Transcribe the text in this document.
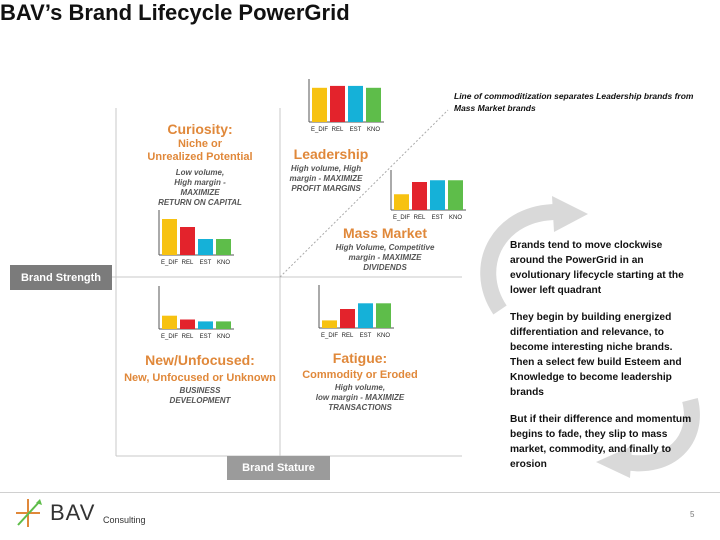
BAV’s Brand Lifecycle PowerGrid
E_DIF REL EST KNO
E_DIF REL EST KNO
E_DIF REL EST KNO
E_DIF REL EST KNO	E_DIF REL EST KNO
Curiosity:
Niche or
Unrealized Potential
Low volume,
High margin -
MAXIMIZE
RETURN ON CAPITAL
Leadership
High volume, High
margin - MAXIMIZE
PROFIT MARGINS
Mass Market
High Volume, Competitive
margin - MAXIMIZE
DIVIDENDS
New/Unfocused:
New, Unfocused or Unknown
BUSINESS
DEVELOPMENT
Fatigue:
Commodity or Eroded
High volume,
low margin - MAXIMIZE
TRANSACTIONS
Brand Strength
Brand Stature
Line of commoditization separates Leadership brands from Mass Market brands

Brands tend to move clockwise around the PowerGrid in an evolutionary lifecycle starting at the lower left quadrant

They begin by building energized differentiation and relevance, to become interesting niche brands. Then a select few build Esteem and Knowledge to become leadership brands

But if their difference and momentum begins to fade, they slip to mass market, commodity, and finally to erosion

BAV Consulting
5
